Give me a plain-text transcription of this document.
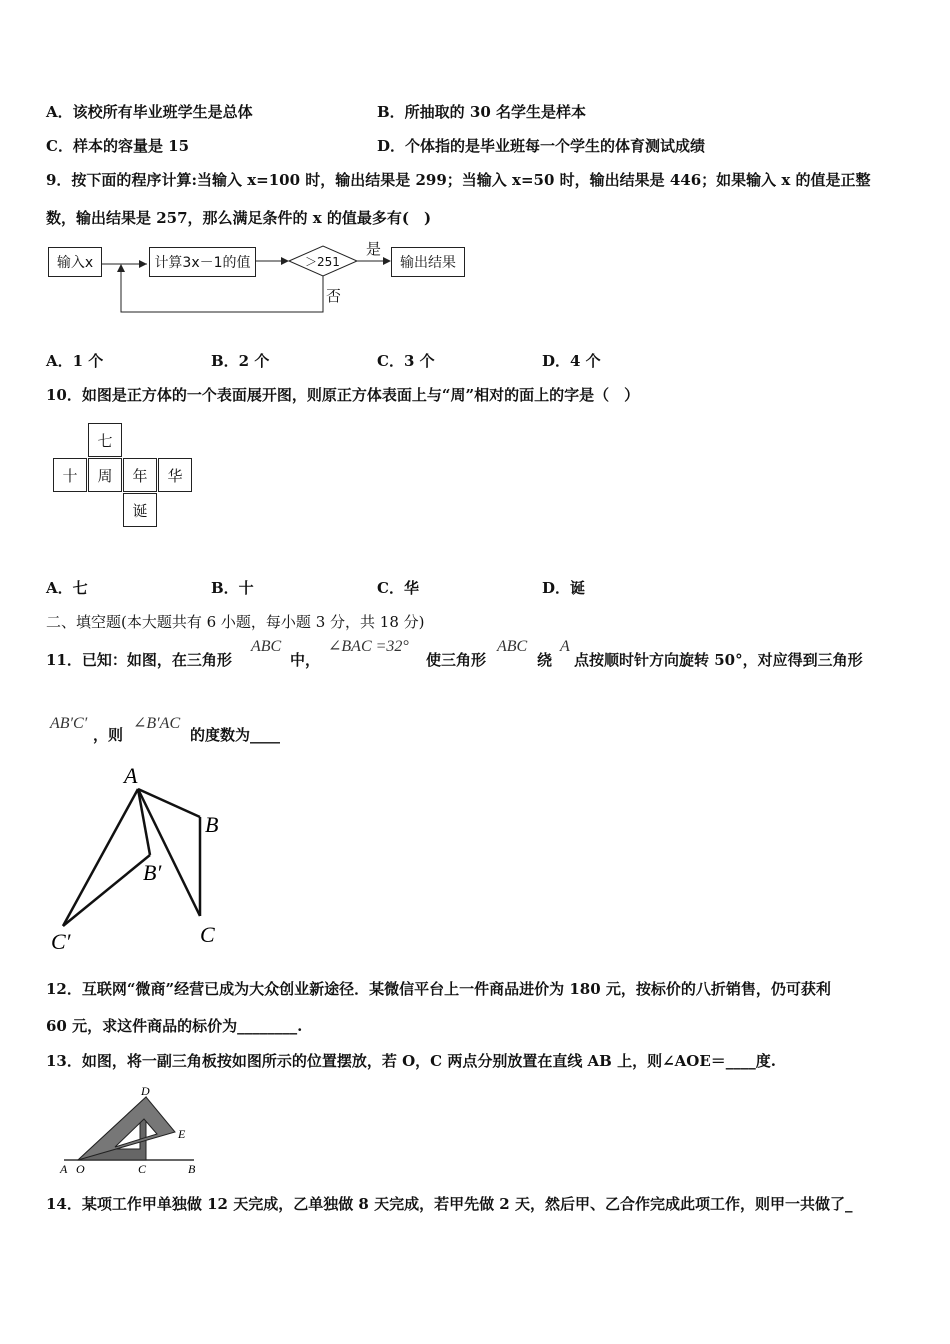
A．该校所有毕业班学生是总体	B．所抽取的 30 名学生是样本
C．样本的容量是 15	D．个体指的是毕业班每一个学生的体育测试成绩
9．按下面的程序计算:当输入 x=100 时，输出结果是 299；当输入 x=50 时，输出结果是 446；如果输入 x 的值是正整
数，输出结果是 257，那么满足条件的 x 的值最多有(　)
输入x	计算3x－1的值	＞251
是
否
输出结果
A．1 个	B．2 个	C．3 个	D．4 个
10．如图是正方体的一个表面展开图，则原正方体表面上与“周”相对的面上的字是（　）
七
十	周	年	华
诞
A．七	B．十	C．华	D．诞
二、填空题(本大题共有 6 小题，每小题 3 分，共 18 分)
11．已知：如图，在三角形
ABC
中，
∠BAC =32°
使三角形
ABC
绕
A
点按顺时针方向旋转 50°，对应得到三角形
AB′C′
，则
∠B′AC
的度数为____
A
B
C
B′
C′
12．互联网“微商”经营已成为大众创业新途径．某微信平台上一件商品进价为 180 元，按标价的八折销售，仍可获利
60 元，求这件商品的标价为________.
13．如图，将一副三角板按如图所示的位置摆放，若 O，C 两点分别放置在直线 AB 上，则∠AOE＝____度.
D
E
A O	C	B
14．某项工作甲单独做 12 天完成，乙单独做 8 天完成，若甲先做 2 天，然后甲、乙合作完成此项工作，则甲一共做了_
